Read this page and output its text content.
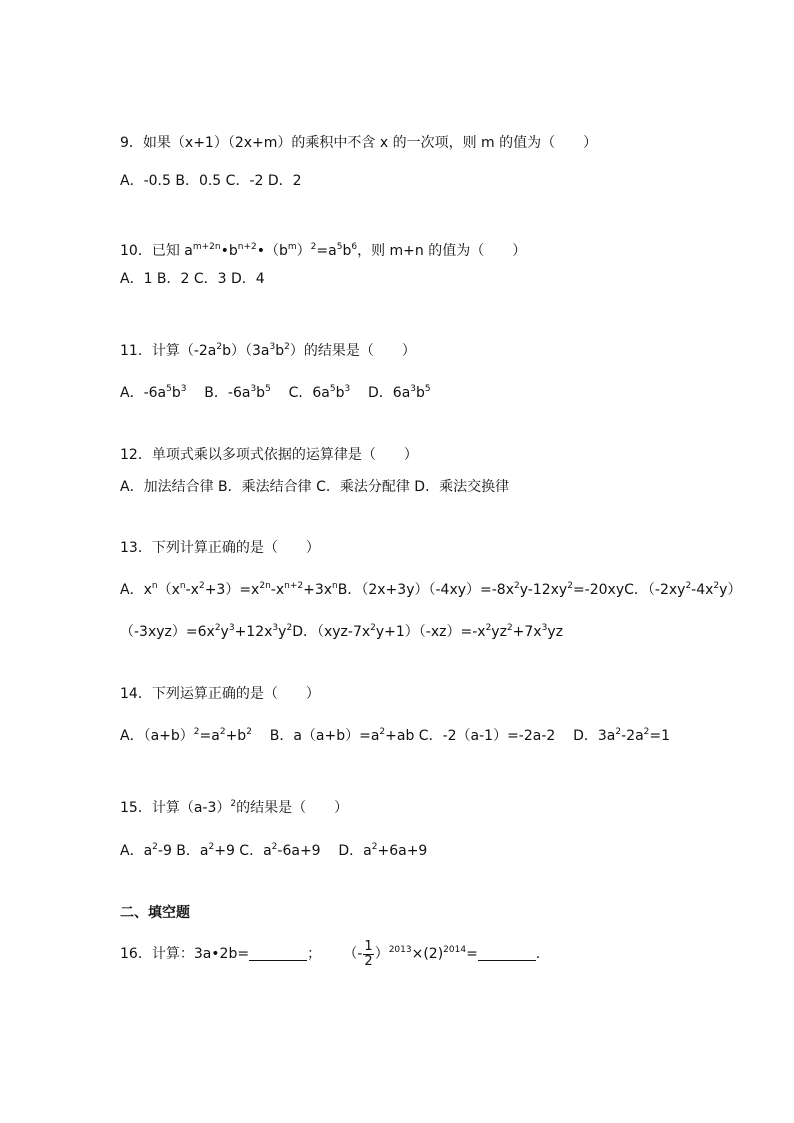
9．如果（x+1）（2x+m）的乘积中不含 x 的一次项，则 m 的值为（　　）
A．-0.5 B．0.5 C．-2 D．2
10．已知 $a^{m+2n}•b^{n+2}•(b^m)^2=a^5b^6$，则 m+n 的值为（　　）
A．1 B．2 C．3 D．4
11．计算$(-2a^2b)(3a^3b^2)$的结果是（　　）
A．$-6a^5b^3$    B．$-6a^3b^5$    C．$6a^5b^3$    D．$6a^3b^5$
12．单项式乘以多项式依据的运算律是（　　）
A．加法结合律 B．乘法结合律 C．乘法分配律 D．乘法交换律
13．下列计算正确的是（　　）
A．$x^n(x^n-x^2+3)=x^{2n}-x^{n+2}+3x^nB$．$(2x+3y)(-4xy)=-8x^2y-12xy^2=-20xyC$．$(-2xy^2-4x^2y)$
$(-3xyz)=6x^2y^3+12x^3y^2D$．$(xyz-7x^2y+1)(-xz)=-x^2yz^2+7x^3yz$
14．下列运算正确的是（　　）
A．$(a+b)^2=a^2+b^2$    B．$a(a+b)=a^2+ab$ C．-2（a-1）=-2a-2    D．$3a^2-2a^2=1$
15．计算$(a-3)^2$的结果是（　　）
A．$a^2-9$ B．$a^2+9$ C．$a^2-6a+9$    D．$a^2+6a+9$
二、填空题
16．计算：3a•2b=	；     （- $\frac{1}{2} )^{2013}\times(2)^{2014}=$	.
